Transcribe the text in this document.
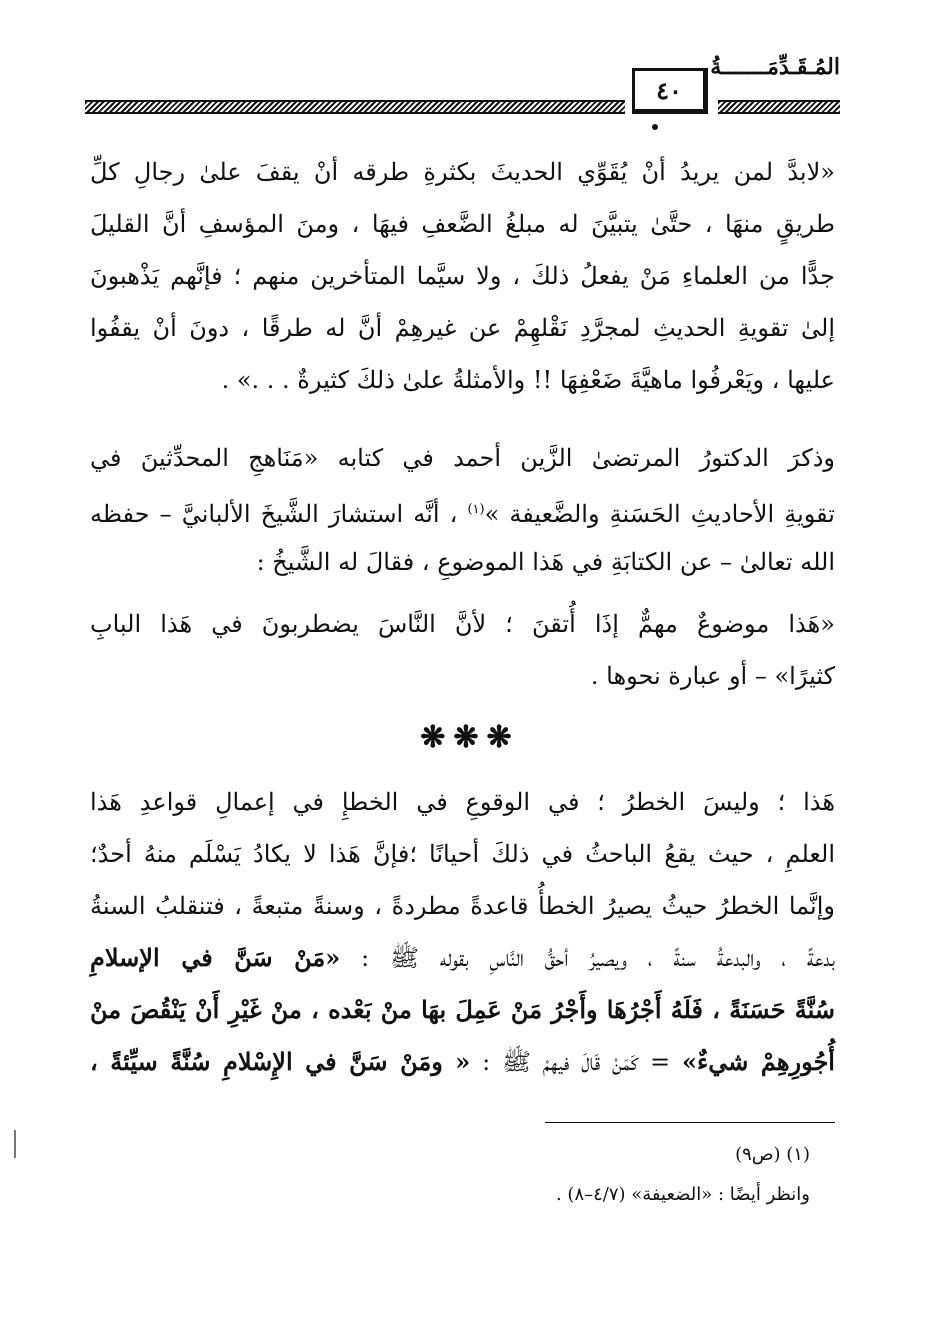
المُـقَـدِّمَـــــــةُ
٤٠
«لابدَّ لمن يريدُ أنْ يُقَوِّي الحديثَ بكثرةِ طرقه أنْ يقفَ علىٰ رجالِ كلِّ
طريقٍ منهَا ، حتَّىٰ يتبيَّنَ له مبلغُ الضَّعفِ فيهَا ، ومنَ المؤسفِ أنَّ القليلَ
جدًّا من العلماءِ مَنْ يفعلُ ذلكَ ، ولا سيَّما المتأخرين منهم ؛ فإنَّهم يَذْهبونَ
إلىٰ تقويةِ الحديثِ لمجرَّدِ نَقْلهِمْ عن غيرهِمْ أنَّ له طرقًا ، دونَ أنْ يقفُوا
عليها ، ويَعْرفُوا ماهيَّةَ ضَعْفِهَا !! والأمثلةُ علىٰ ذلكَ كثيرةٌ . . .» .
وذكرَ الدكتورُ المرتضىٰ الزَّين أحمد في كتابه «مَنَاهجِ المحدِّثينَ في
تقويةِ الأحاديثِ الحَسَنةِ والضَّعيفة »$^{(١)}$ ، أنَّه استشارَ الشَّيخَ الألبانيَّ – حفظه
الله تعالىٰ – عن الكتابَةِ في هَذا الموضوعِ ، فقالَ له الشَّيخُ :
«هَذا موضوعٌ مهمٌّ إذَا أُتقنَ ؛ لأنَّ النَّاسَ يضطربونَ في هَذا البابِ
كثيرًا» – أو عبارة نحوها .
❋❋❋
هَذا ؛ وليسَ الخطرُ ؛ في الوقوعِ في الخطإِ في إعمالِ قواعدِ هَذا
العلمِ ، حيث يقعُ الباحثُ في ذلكَ أحيانًا ؛فإنَّ هَذا لا يكادُ يَسْلَم منهُ أحدٌ؛
وإنَّما الخطرُ حيثُ يصيرُ الخطأُ قاعدةً مطردةً ، وسنةً متبعةً ، فتنقلبُ السنةُ
بدعةً ، والبدعةُ سنةً ، ويصيرُ أحقُّ النَّاسِ بقوله ﷺ : «مَنْ سَنَّ في الإسلامِ
سُنَّةً حَسَنَةً ، فَلَهُ أَجْرُهَا وأَجْرُ مَنْ عَمِلَ بهَا منْ بَعْده ، منْ غَيْرِ أَنْ يَنْقُصَ منْ
أُجُورِهِمْ شيءٌ» = كَمَنْ قَالَ فيهمْ ﷺ : « ومَنْ سَنَّ في الإِسْلامِ سُنَّةً سيِّئةً ،
(١) (ص٩)
وانظر أيضًا : «الضعيفة» (٤/٧–٨) .
